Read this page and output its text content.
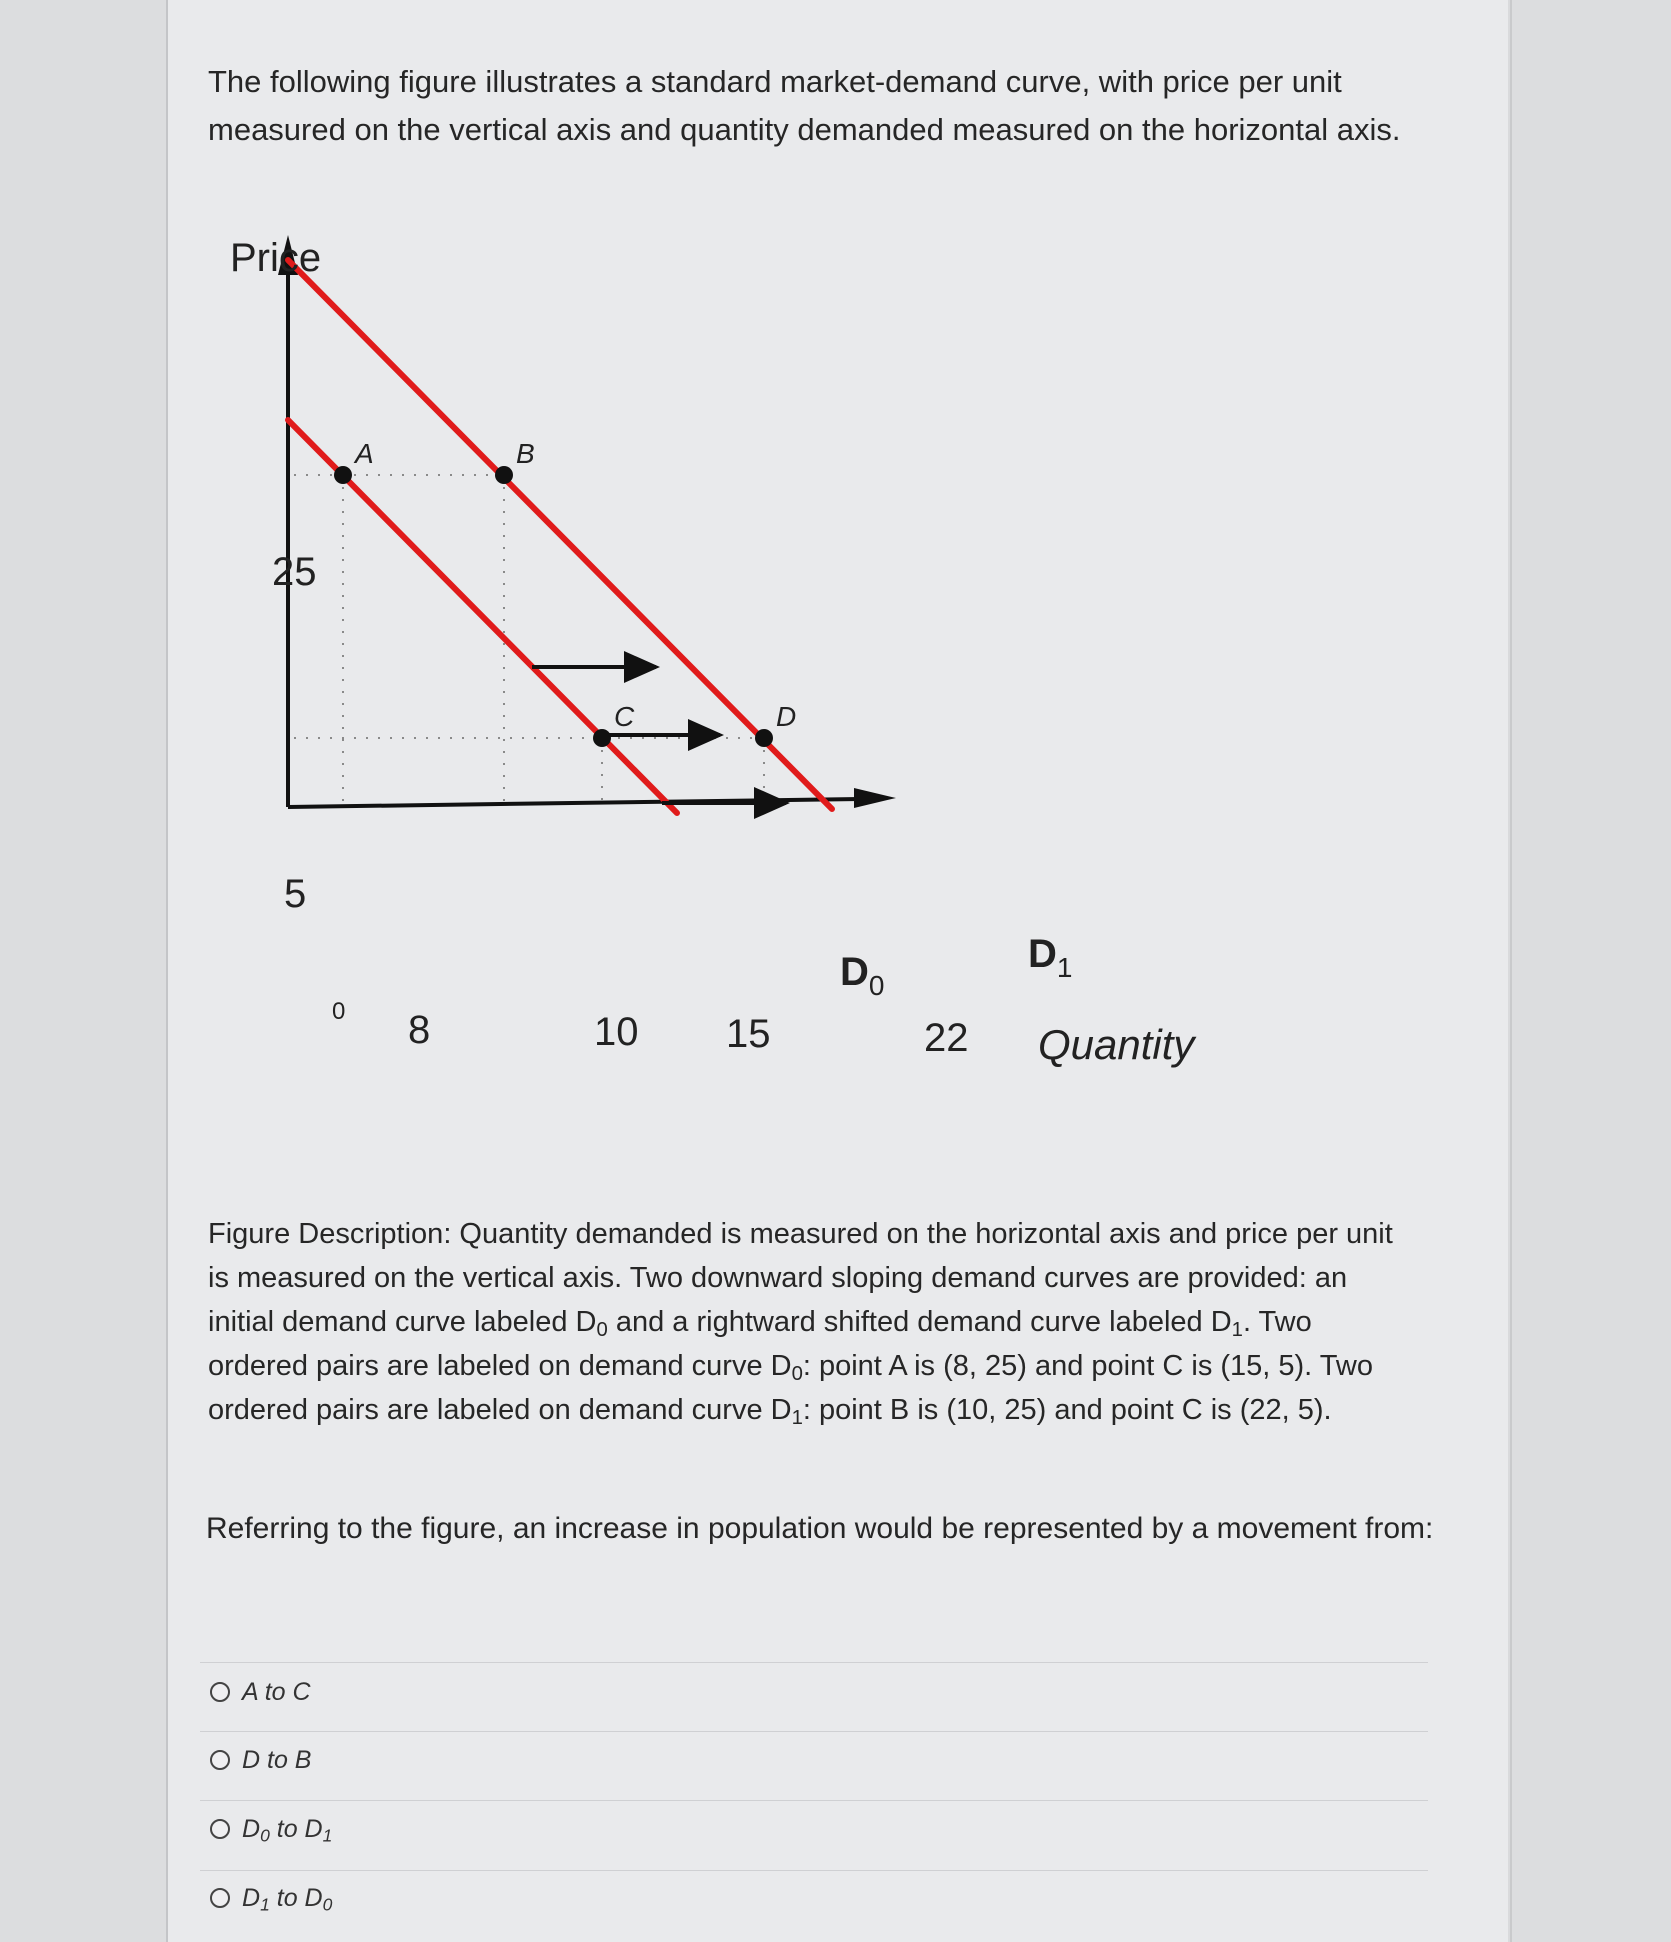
The following figure illustrates a standard market-demand curve, with price per unit
measured on the vertical axis and quantity demanded measured on the horizontal axis.
A	B
C	D
Price
Quantity
0
25
5
8	10 15	22
$D_0$
$D_1$
Figure Description: Quantity demanded is measured on the horizontal axis and price per unit
is measured on the vertical axis. Two downward sloping demand curves are provided: an
initial demand curve labeled $D_0$ and a rightward shifted demand curve labeled $D_1$. Two
ordered pairs are labeled on demand curve $D_0$: point A is (8, 25) and point C is (15, 5). Two
ordered pairs are labeled on demand curve $D_1$: point B is (10, 25) and point C is (22, 5).
Referring to the figure, an increase in population would be represented by a movement from:
A to C
D to B
$D_0$ to $D_1$
$D_1$ to $D_0$
